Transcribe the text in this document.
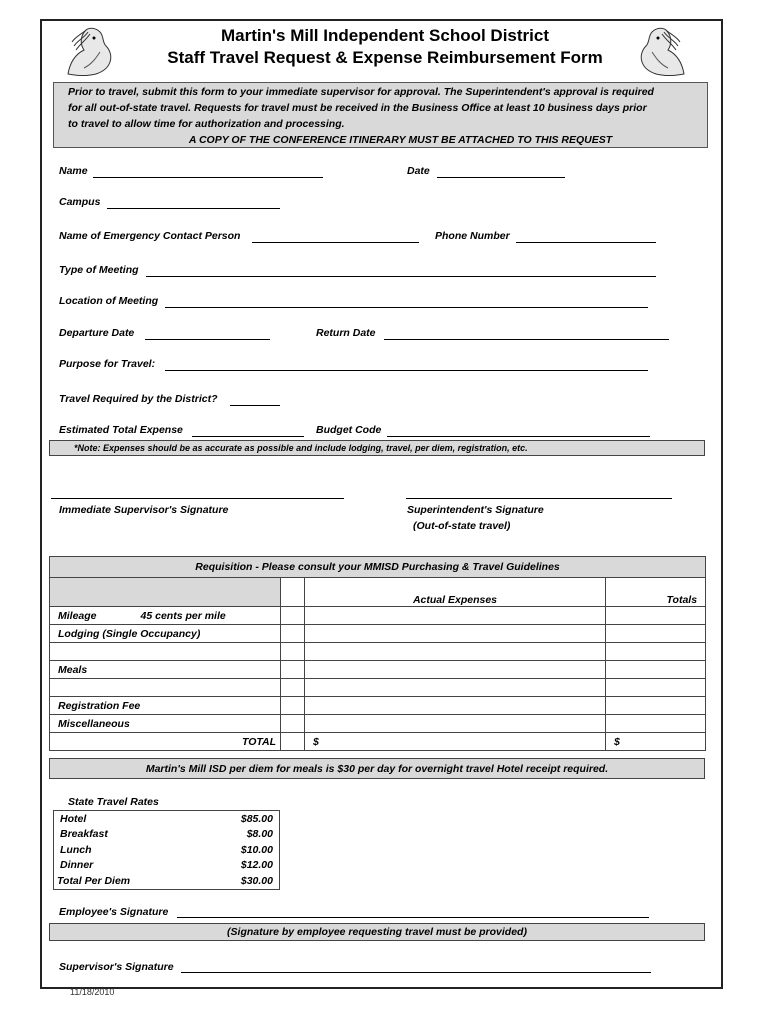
Martin's Mill Independent School District
Staff Travel Request & Expense Reimbursement Form

Prior to travel, submit this form to your immediate supervisor for approval. The Superintendent's approval is required

for all out-of-state travel. Requests for travel must be received in the Business Office at least 10 business days prior

to travel to allow time for authorization and processing.

A COPY OF THE CONFERENCE ITINERARY MUST BE ATTACHED TO THIS REQUEST

Name	Date
Campus
Name of Emergency Contact Person	Phone Number
Type of Meeting
Location of Meeting
Departure Date	Return Date
Purpose for Travel:
Travel Required by the District?
Estimated Total Expense	Budget Code
*Note: Expenses should be as accurate as possible and include lodging, travel, per diem, registration, etc.
Immediate Supervisor's Signature	Superintendent's Signature
(Out-of-state travel)
Requisition - Please consult your MMISD Purchasing & Travel Guidelines			
		Actual Expenses	Totals
Mileage 45 cents per mile			
Lodging (Single Occupancy)			

Meals			

Registration Fee			
Miscellaneous			
TOTAL		$	$
Martin's Mill ISD per diem for meals is $30 per day for overnight travel Hotel receipt required.
State Travel Rates
Hotel	$85.00
Breakfast	$8.00
Lunch	$10.00
Dinner	$12.00
Total Per Diem	$30.00
Employee's Signature
(Signature by employee requesting travel must be provided)
Supervisor's Signature
11/18/2010
